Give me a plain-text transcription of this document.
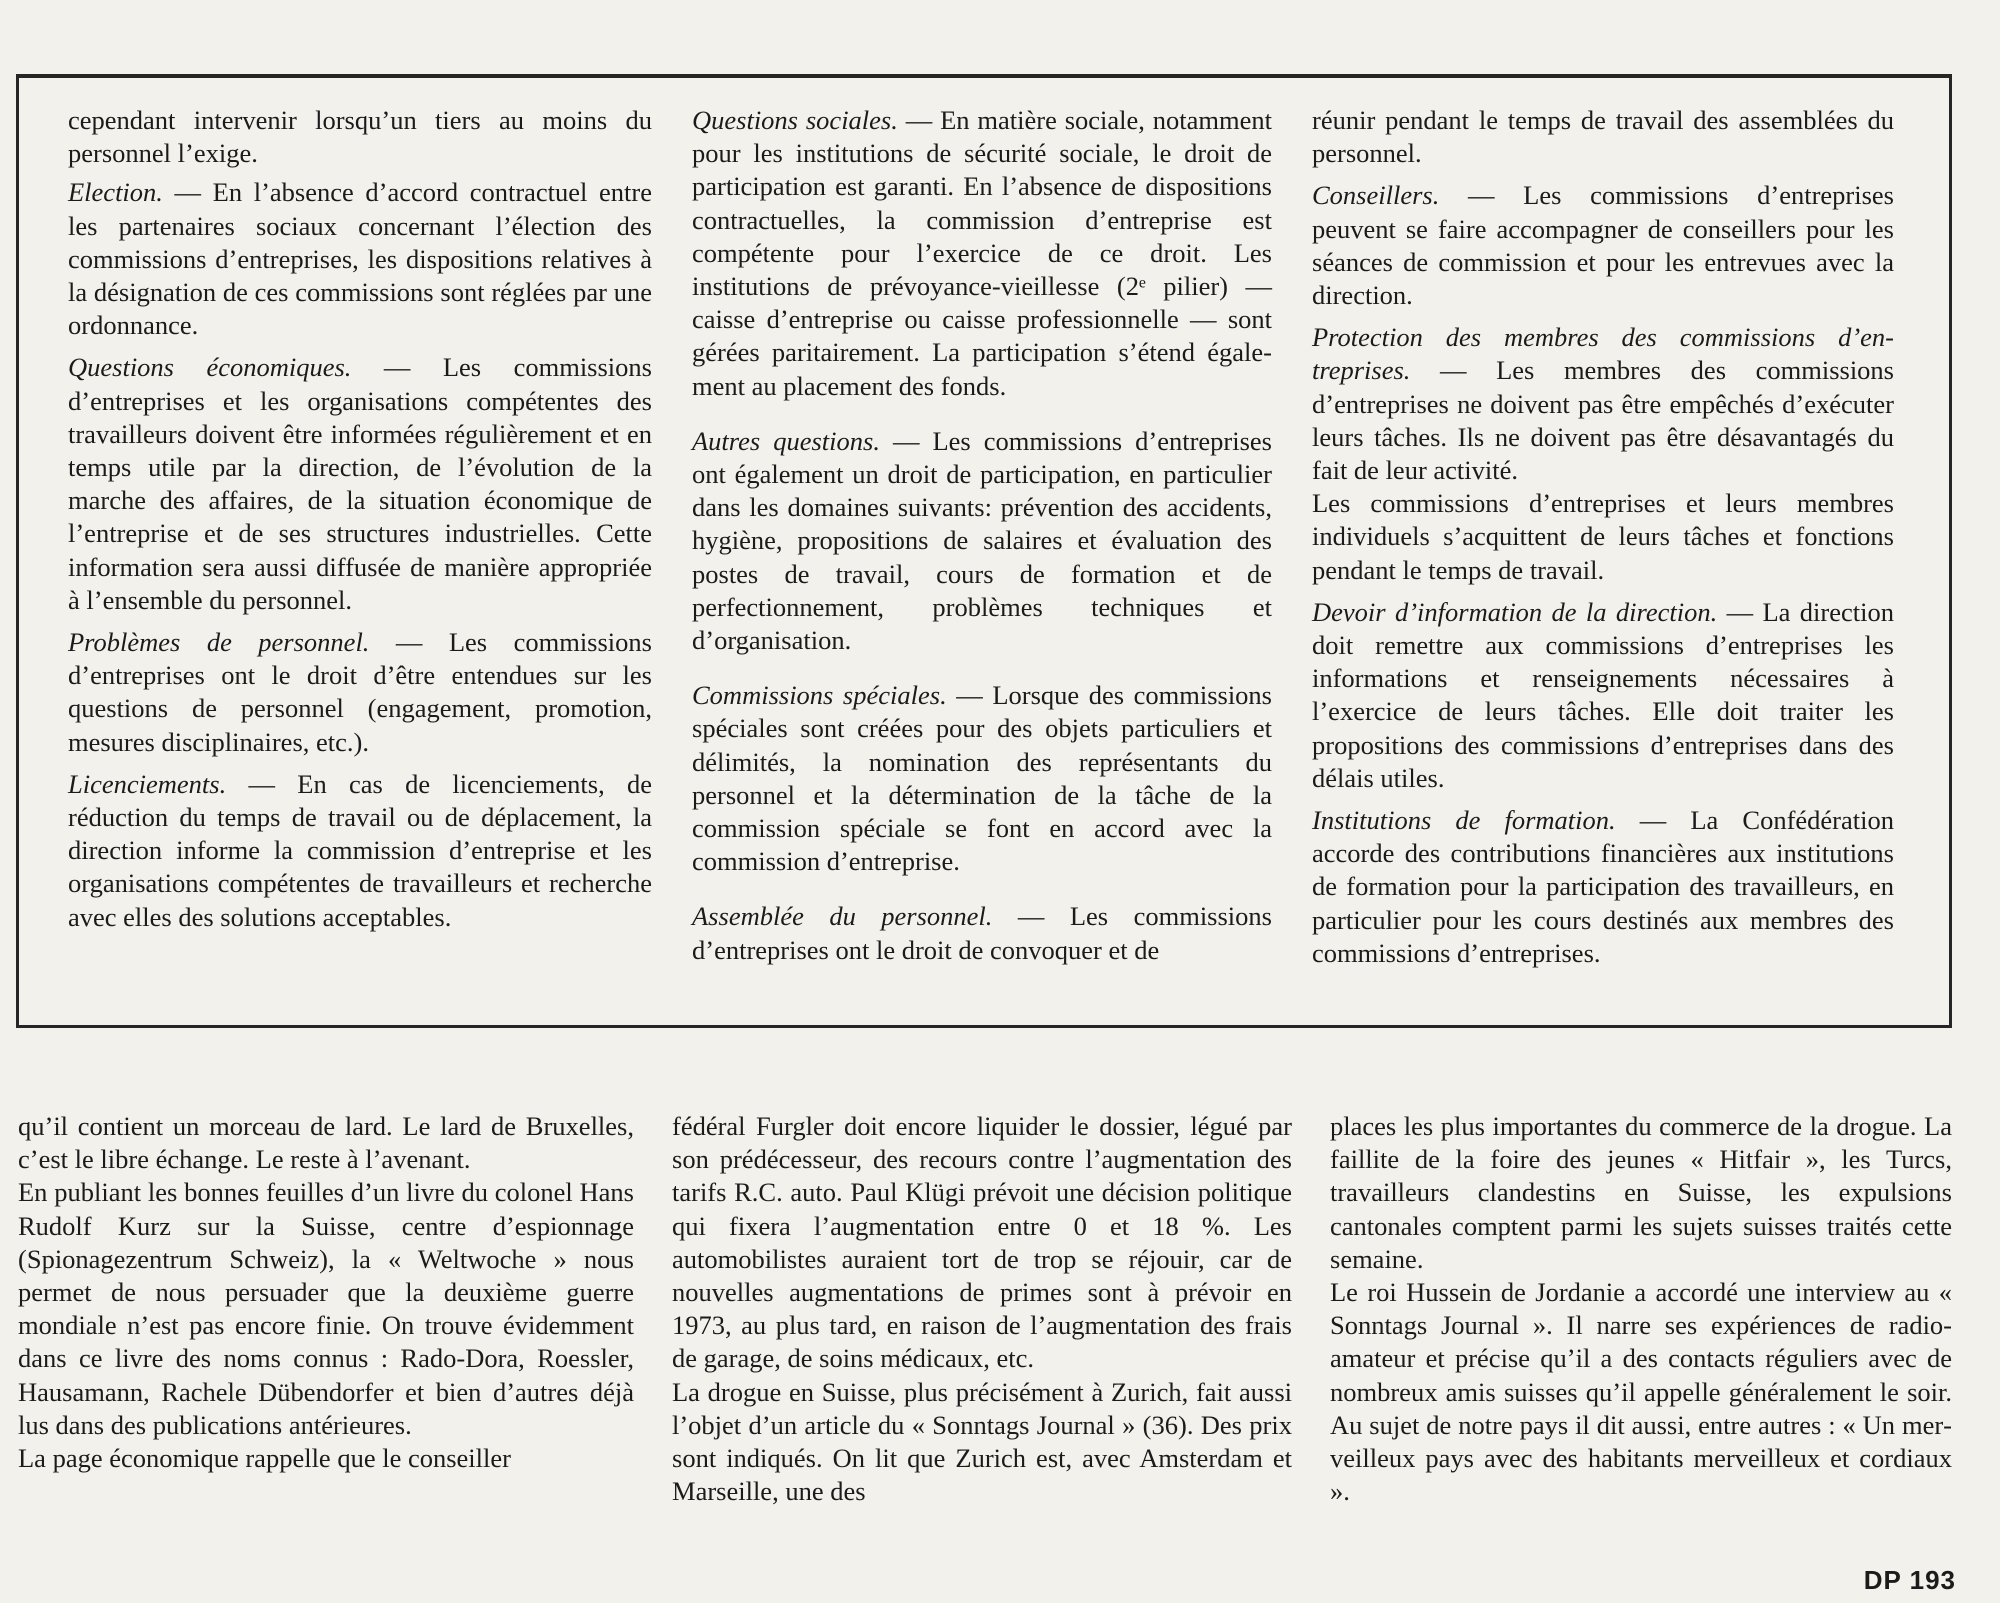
cependant intervenir lorsqu’un tiers au moins du personnel l’exige.

Election. — En l’absence d’accord contractuel entre les partenaires sociaux concernant l’élection des commissions d’entreprises, les dispositions relatives à la désignation de ces commissions sont réglées par une ordonnance.

Questions économiques. — Les commissions d’entreprises et les organisations compétentes des travailleurs doivent être informées régulièrement et en temps utile par la direction, de l’évolution de la marche des affaires, de la situation économique de l’entreprise et de ses structures industrielles. Cette information sera aussi diffusée de manière appropriée à l’ensemble du personnel.

Problèmes de personnel. — Les commissions d’entreprises ont le droit d’être entendues sur les questions de personnel (engagement, promotion, mesures disciplinaires, etc.).

Licenciements. — En cas de licenciements, de réduction du temps de travail ou de déplacement, la direction informe la commission d’entreprise et les organisations compétentes de travailleurs et recherche avec elles des solutions acceptables.

Questions sociales. — En matière sociale, notamment pour les institutions de sécurité sociale, le droit de participation est garanti. En l’absence de dispositions contractuelles, la commission d’entreprise est compétente pour l’exercice de ce droit. Les institutions de prévoyance-vieillesse (2ᵉ pilier) — caisse d’entreprise ou caisse professionnelle — sont gérées paritairement. La participation s’étend également au placement des fonds.

Autres questions. — Les commissions d’entreprises ont également un droit de participation, en particulier dans les domaines suivants: prévention des accidents, hygiène, propositions de salaires et évaluation des postes de travail, cours de formation et de perfectionnement, problèmes techniques et d’organisation.

Commissions spéciales. — Lorsque des commissions spéciales sont créées pour des objets particuliers et délimités, la nomination des représentants du personnel et la détermination de la tâche de la commission spéciale se font en accord avec la commission d’entreprise.

Assemblée du personnel. — Les commissions d’entreprises ont le droit de convoquer et de

réunir pendant le temps de travail des assemblées du personnel.

Conseillers. — Les commissions d’entreprises peuvent se faire accompagner de conseillers pour les séances de commission et pour les entrevues avec la direction.

Protection des membres des commissions d’entreprises. — Les membres des commissions d’entreprises ne doivent pas être empêchés d’exécuter leurs tâches. Ils ne doivent pas être désavantagés du fait de leur activité.

Les commissions d’entreprises et leurs membres individuels s’acquittent de leurs tâches et fonctions pendant le temps de travail.

Devoir d’information de la direction. — La direction doit remettre aux commissions d’entreprises les informations et renseignements nécessaires à l’exercice de leurs tâches. Elle doit traiter les propositions des commissions d’entreprises dans des délais utiles.

Institutions de formation. — La Confédération accorde des contributions financières aux institutions de formation pour la participation des travailleurs, en particulier pour les cours destinés aux membres des commissions d’entreprises.

qu’il contient un morceau de lard. Le lard de Bruxelles, c’est le libre échange. Le reste à l’avenant.

En publiant les bonnes feuilles d’un livre du colonel Hans Rudolf Kurz sur la Suisse, centre d’espionnage (Spionagezentrum Schweiz), la « Weltwoche » nous permet de nous persuader que la deuxième guerre mondiale n’est pas encore finie. On trouve évidemment dans ce livre des noms connus : Rado-Dora, Roessler, Hausamann, Rachele Dübendorfer et bien d’autres déjà lus dans des publications antérieures.

La page économique rappelle que le conseiller

fédéral Furgler doit encore liquider le dossier, légué par son prédécesseur, des recours contre l’augmentation des tarifs R.C. auto. Paul Klügi prévoit une décision politique qui fixera l’augmentation entre 0 et 18 %. Les automobilistes auraient tort de trop se réjouir, car de nouvelles augmentations de primes sont à prévoir en 1973, au plus tard, en raison de l’augmentation des frais de garage, de soins médicaux, etc.

La drogue en Suisse, plus précisément à Zurich, fait aussi l’objet d’un article du « Sonntags Journal » (36). Des prix sont indiqués. On lit que Zurich est, avec Amsterdam et Marseille, une des

places les plus importantes du commerce de la drogue. La faillite de la foire des jeunes « Hitfair », les Turcs, travailleurs clandestins en Suisse, les expulsions cantonales comptent parmi les sujets suisses traités cette semaine.

Le roi Hussein de Jordanie a accordé une interview au « Sonntags Journal ». Il narre ses expériences de radio-amateur et précise qu’il a des contacts réguliers avec de nombreux amis suisses qu’il appelle généralement le soir. Au sujet de notre pays il dit aussi, entre autres : « Un merveilleux pays avec des habitants merveilleux et cordiaux ».

DP 193
